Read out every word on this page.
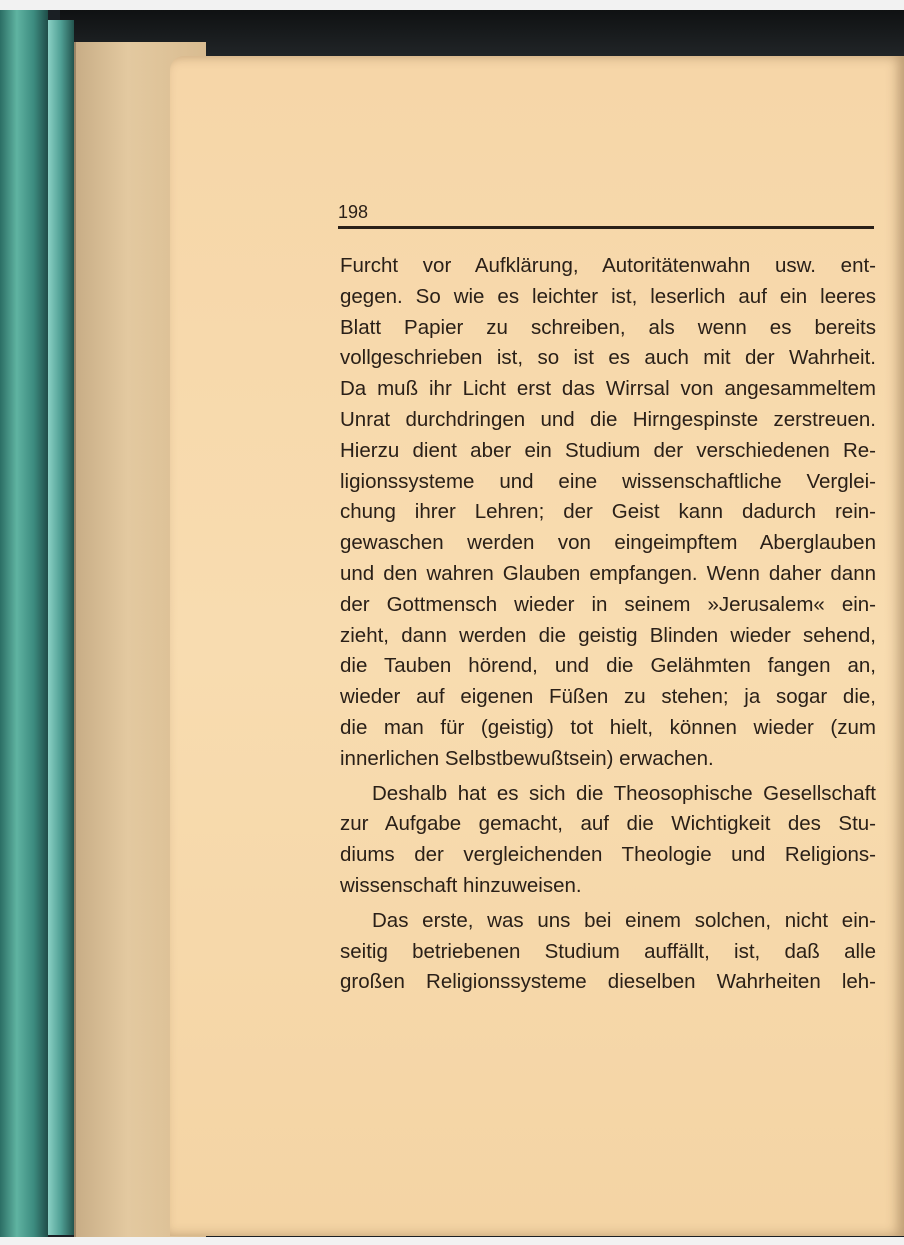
198
Furcht vor Aufklärung, Autoritätenwahn usw. ent-
gegen. So wie es leichter ist, leserlich auf ein leeres
Blatt Papier zu schreiben, als wenn es bereits
vollgeschrieben ist, so ist es auch mit der Wahrheit.
Da muß ihr Licht erst das Wirrsal von angesammeltem
Unrat durchdringen und die Hirngespinste zerstreuen.
Hierzu dient aber ein Studium der verschiedenen Re-
ligionssysteme und eine wissenschaftliche Verglei-
chung ihrer Lehren; der Geist kann dadurch rein-
gewaschen werden von eingeimpftem Aberglauben
und den wahren Glauben empfangen. Wenn daher dann
der Gottmensch wieder in seinem »Jerusalem« ein-
zieht, dann werden die geistig Blinden wieder sehend,
die Tauben hörend, und die Gelähmten fangen an,
wieder auf eigenen Füßen zu stehen; ja sogar die,
die man für (geistig) tot hielt, können wieder (zum
innerlichen Selbstbewußtsein) erwachen.
Deshalb hat es sich die Theosophische Gesellschaft
zur Aufgabe gemacht, auf die Wichtigkeit des Stu-
diums der vergleichenden Theologie und Religions-
wissenschaft hinzuweisen.
Das erste, was uns bei einem solchen, nicht ein-
seitig betriebenen Studium auffällt, ist, daß alle
großen Religionssysteme dieselben Wahrheiten leh-
